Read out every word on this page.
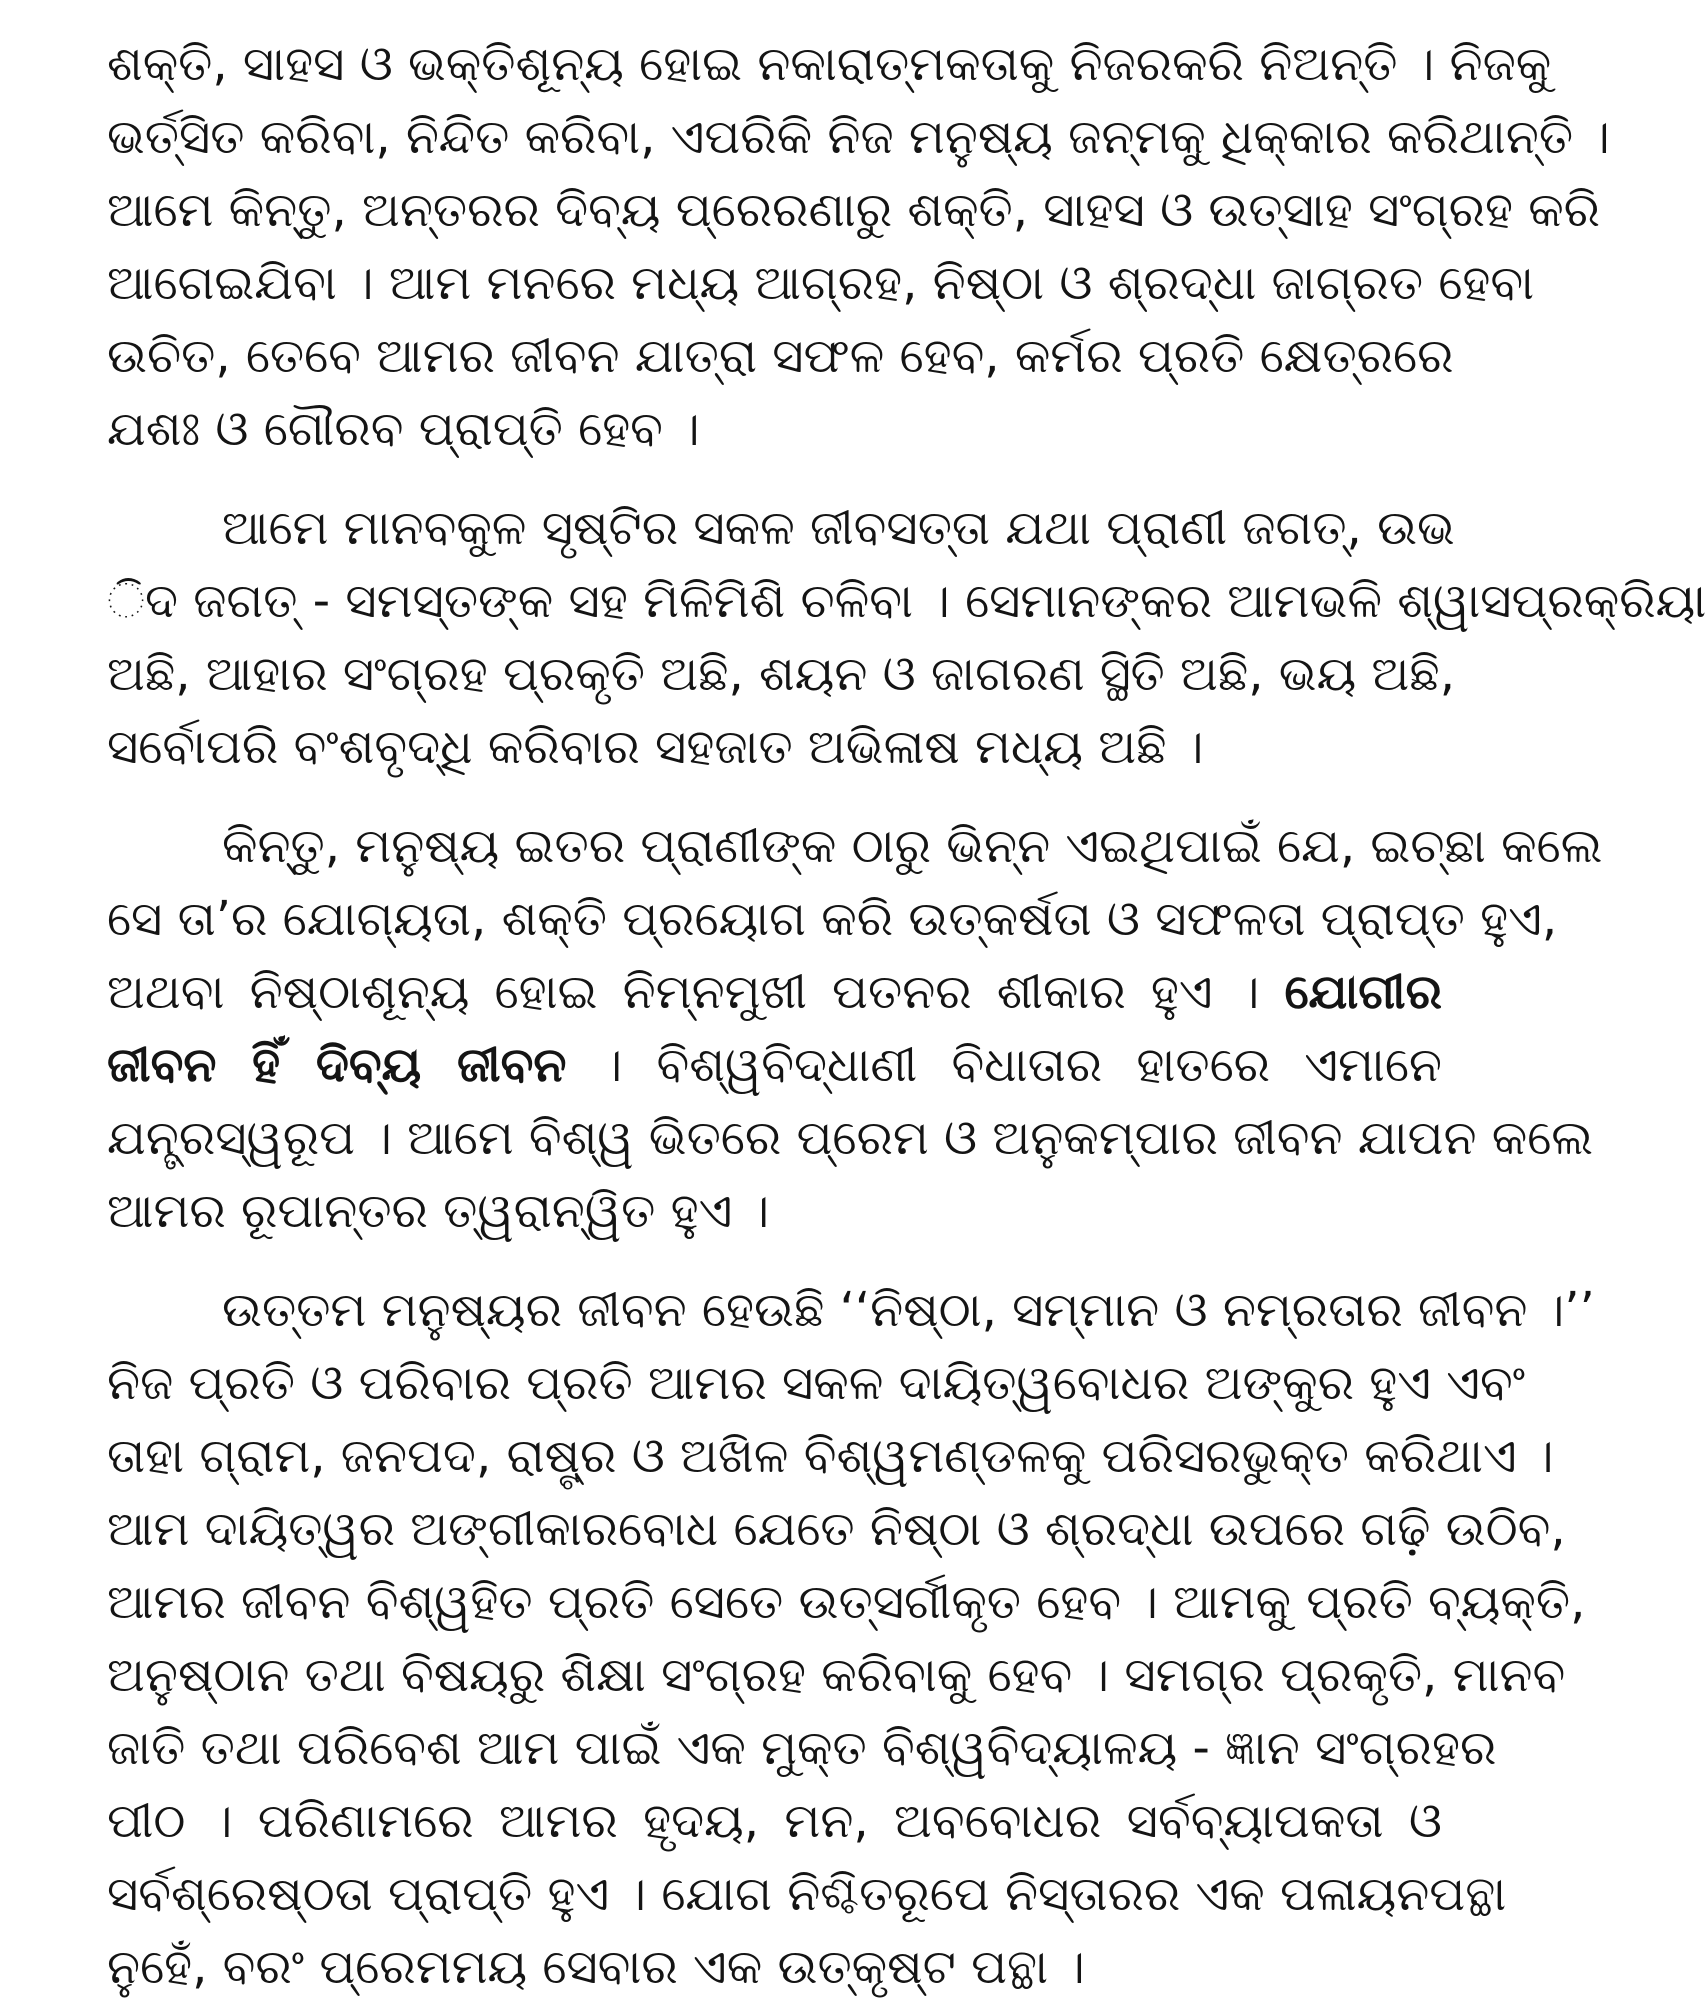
ଶକ୍ତି, ସାହସ ଓ ଭକ୍ତିଶୂନ୍ୟ ହୋଇ ନକାରାତ୍ମକତାକୁ ନିଜରକରି ନିଅନ୍ତି । ନିଜକୁ
ଭର୍ତ୍ସିତ କରିବା, ନିନ୍ଦିତ କରିବା, ଏପରିକି ନିଜ ମନୁଷ୍ୟ ଜନ୍ମକୁ ଧିକ୍କାର କରିଥାନ୍ତି ।
ଆମେ କିନ୍ତୁ, ଅନ୍ତରର ଦିବ୍ୟ ପ୍ରେରଣାରୁ ଶକ୍ତି, ସାହସ ଓ ଉତ୍ସାହ ସଂଗ୍ରହ କରି
ଆଗେଇଯିବା । ଆମ ମନରେ ମଧ୍ୟ ଆଗ୍ରହ, ନିଷ୍ଠା ଓ ଶ୍ରଦ୍ଧା ଜାଗ୍ରତ ହେବା
ଉଚିତ, ତେବେ ଆମର ଜୀବନ ଯାତ୍ରା ସଫଳ ହେବ, କର୍ମର ପ୍ରତି କ୍ଷେତ୍ରରେ
ଯଶଃ ଓ ଗୌରବ ପ୍ରାପ୍ତି ହେବ ।
ଆମେ ମାନବକୁଳ ସୃଷ୍ଟିର ସକଳ ଜୀବସତ୍ତା ଯଥା ପ୍ରାଣୀ ଜଗତ୍, ଉଭ
ିଦ ଜଗତ୍ - ସମସ୍ତଙ୍କ ସହ ମିଳିମିଶି ଚଳିବା । ସେମାନଙ୍କର ଆମଭଳି ଶ୍ୱାସପ୍ରକ୍ରିୟା
ଅଛି, ଆହାର ସଂଗ୍ରହ ପ୍ରକୃତି ଅଛି, ଶୟନ ଓ ଜାଗରଣ ସ୍ଥିତି ଅଛି, ଭୟ ଅଛି,
ସର୍ବୋପରି ବଂଶବୃଦ୍ଧି କରିବାର ସହଜାତ ଅଭିଳାଷ ମଧ୍ୟ ଅଛି ।
କିନ୍ତୁ, ମନୁଷ୍ୟ ଇତର ପ୍ରାଣୀଙ୍କ ଠାରୁ ଭିନ୍ନ ଏଇଥିପାଇଁ ଯେ, ଇଚ୍ଛା କଲେ
ସେ ତା’ର ଯୋଗ୍ୟତା, ଶକ୍ତି ପ୍ରୟୋଗ କରି ଉତ୍କର୍ଷତା ଓ ସଫଳତା ପ୍ରାପ୍ତ ହୁଏ,
ଅଥବା ନିଷ୍ଠାଶୂନ୍ୟ ହୋଇ ନିମ୍ନମୁଖୀ ପତନର ଶୀକାର ହୁଏ । ଯୋଗୀର
ଜୀବନ ହିଁ ଦିବ୍ୟ ଜୀବନ । ବିଶ୍ୱବିଦ୍ଧାଣୀ ବିଧାତାର ହାତରେ ଏମାନେ
ଯନ୍ତ୍ରସ୍ୱରୂପ । ଆମେ ବିଶ୍ୱ ଭିତରେ ପ୍ରେମ ଓ ଅନୁକମ୍ପାର ଜୀବନ ଯାପନ କଲେ
ଆମର ରୂପାନ୍ତର ତ୍ୱରାନ୍ୱିତ ହୁଏ ।
ଉତ୍ତମ ମନୁଷ୍ୟର ଜୀବନ ହେଉଛି ‘‘ନିଷ୍ଠା, ସମ୍ମାନ ଓ ନମ୍ରତାର ଜୀବନ ।’’
ନିଜ ପ୍ରତି ଓ ପରିବାର ପ୍ରତି ଆମର ସକଳ ଦାୟିତ୍ୱବୋଧର ଅଙ୍କୁର ହୁଏ ଏବଂ
ତାହା ଗ୍ରାମ, ଜନପଦ, ରାଷ୍ଟ୍ର ଓ ଅଖିଳ ବିଶ୍ୱମଣ୍ଡଳକୁ ପରିସରଭୁକ୍ତ କରିଥାଏ ।
ଆମ ଦାୟିତ୍ୱର ଅଙ୍ଗୀକାରବୋଧ ଯେତେ ନିଷ୍ଠା ଓ ଶ୍ରଦ୍ଧା ଉପରେ ଗଢ଼ି ଉଠିବ,
ଆମର ଜୀବନ ବିଶ୍ୱହିତ ପ୍ରତି ସେତେ ଉତ୍ସର୍ଗୀକୃତ ହେବ । ଆମକୁ ପ୍ରତି ବ୍ୟକ୍ତି,
ଅନୁଷ୍ଠାନ ତଥା ବିଷୟରୁ ଶିକ୍ଷା ସଂଗ୍ରହ କରିବାକୁ ହେବ । ସମଗ୍ର ପ୍ରକୃତି, ମାନବ
ଜାତି ତଥା ପରିବେଶ ଆମ ପାଇଁ ଏକ ମୁକ୍ତ ବିଶ୍ୱବିଦ୍ୟାଳୟ - ଜ୍ଞାନ ସଂଗ୍ରହର
ପୀଠ । ପରିଣାମରେ ଆମର ହୃଦୟ, ମନ, ଅବବୋଧର ସର୍ବବ୍ୟାପକତା ଓ
ସର୍ବଶ୍ରେଷ୍ଠତା ପ୍ରାପ୍ତି ହୁଏ । ଯୋଗ ନିଶ୍ଚିତରୂପେ ନିସ୍ତାରର ଏକ ପଳାୟନପନ୍ଥା
ନୁହେଁ, ବରଂ ପ୍ରେମମୟ ସେବାର ଏକ ଉତ୍କୃଷ୍ଟ ପନ୍ଥା ।
